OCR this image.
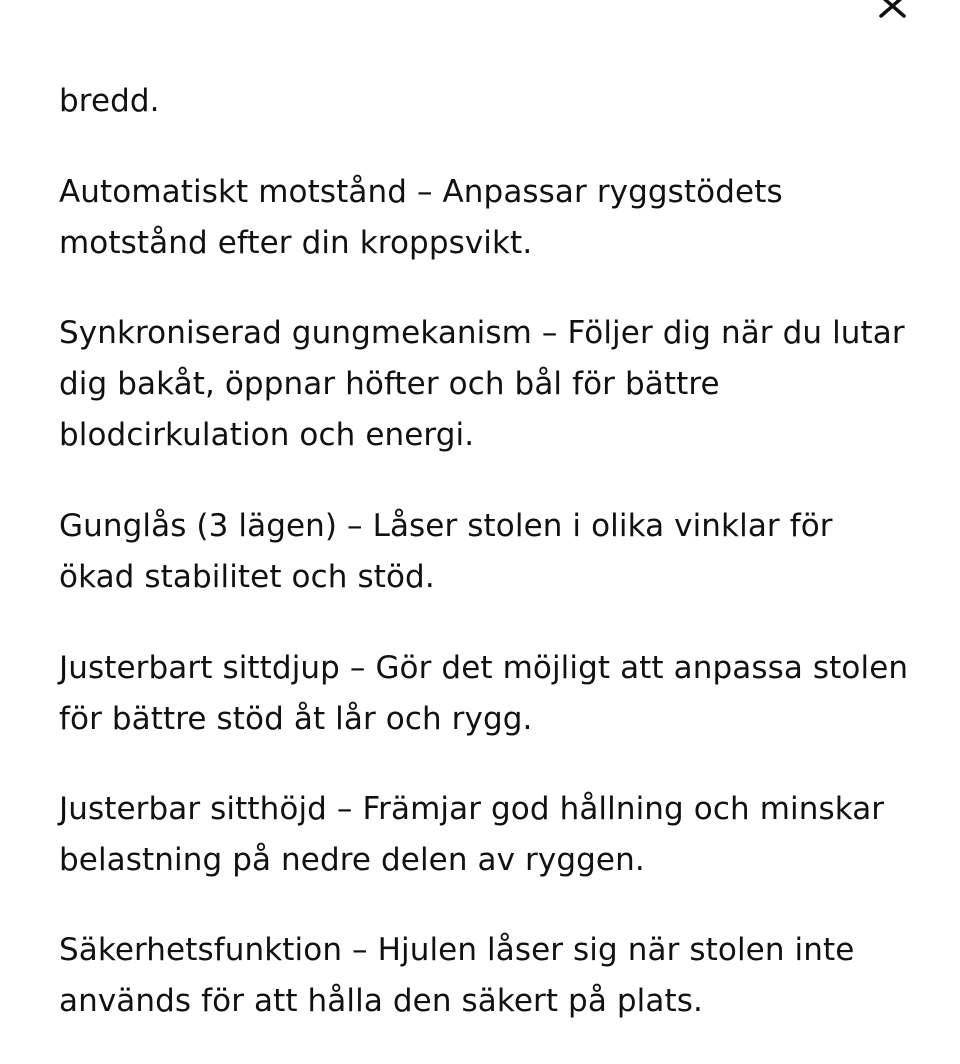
bredd.

Automatiskt motstånd – Anpassar ryggstödets motstånd efter din kroppsvikt.

Synkroniserad gungmekanism – Följer dig när du lutar dig bakåt, öppnar höfter och bål för bättre blodcirkulation och energi.

Gunglås (3 lägen) – Låser stolen i olika vinklar för ökad stabilitet och stöd.

Justerbart sittdjup – Gör det möjligt att anpassa stolen för bättre stöd åt lår och rygg.

Justerbar sitthöjd – Främjar god hållning och minskar belastning på nedre delen av ryggen.

Säkerhetsfunktion – Hjulen låser sig när stolen inte används för att hålla den säkert på plats.
